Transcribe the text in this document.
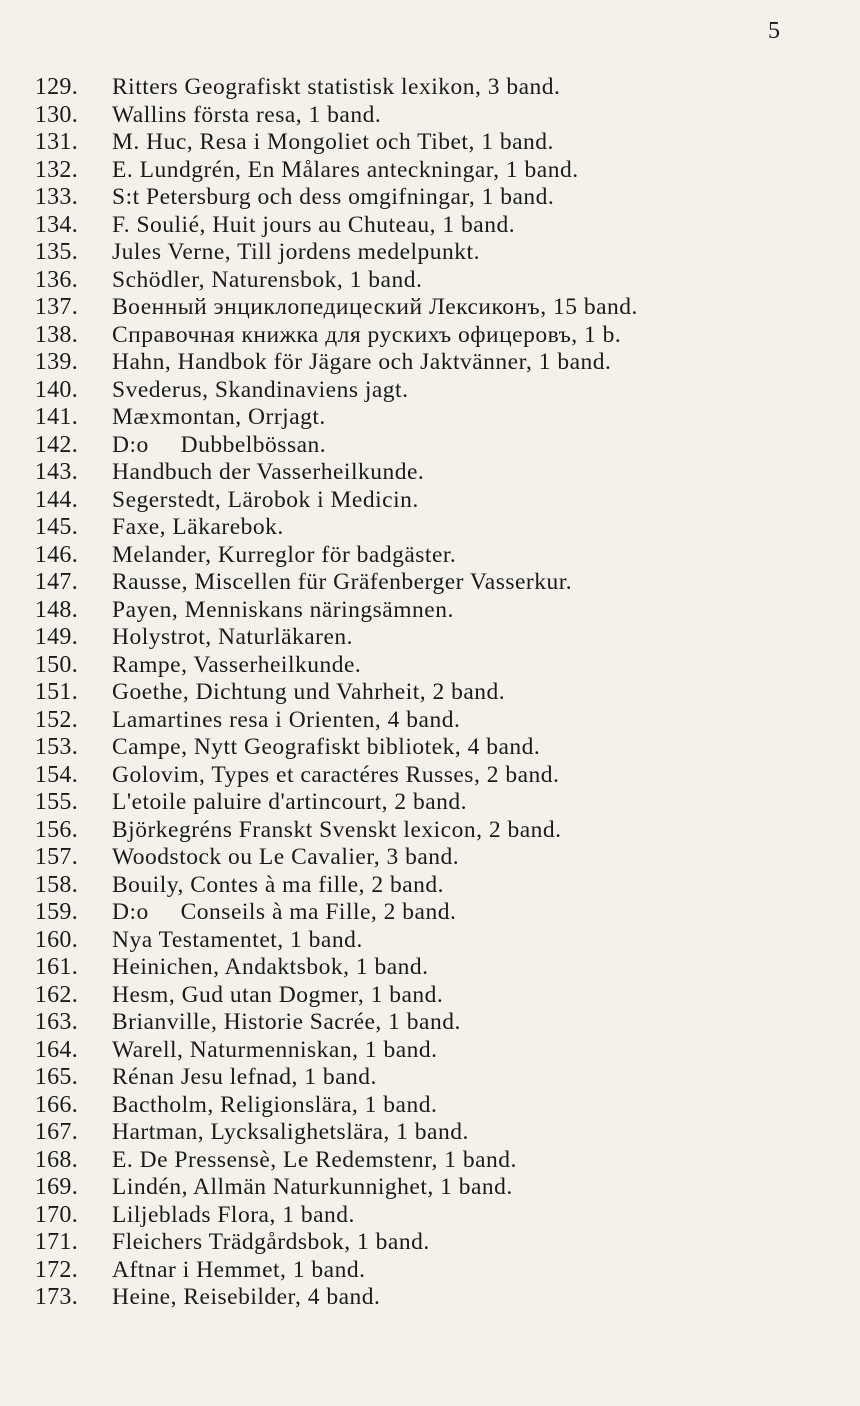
5
129.	Ritters Geografiskt statistisk lexikon, 3 band.
130.	Wallins första resa, 1 band.
131.	M. Huc, Resa i Mongoliet och Tibet, 1 band.
132.	E. Lundgrén, En Målares anteckningar, 1 band.
133.	S:t Petersburg och dess omgifningar, 1 band.
134.	F. Soulié, Huit jours au Chuteau, 1 band.
135.	Jules Verne, Till jordens medelpunkt.
136.	Schödler, Naturensbok, 1 band.
137.	Военный энциклопедицеский Лексиконъ, 15 band.
138.	Справочная книжка для рускихъ офицеровъ, 1 b.
139.	Hahn, Handbok för Jägare och Jaktvänner, 1 band.
140.	Svederus, Skandinaviens jagt.
141.	Mæxmontan, Orrjagt.
142.	D:o     Dubbelbössan.
143.	Handbuch der Vasserheilkunde.
144.	Segerstedt, Lärobok i Medicin.
145.	Faxe, Läkarebok.
146.	Melander, Kurreglor för badgäster.
147.	Rausse, Miscellen für Gräfenberger Vasserkur.
148.	Payen, Menniskans näringsämnen.
149.	Holystrot, Naturläkaren.
150.	Rampe, Vasserheilkunde.
151.	Goethe, Dichtung und Vahrheit, 2 band.
152.	Lamartines resa i Orienten, 4 band.
153.	Campe, Nytt Geografiskt bibliotek, 4 band.
154.	Golovim, Types et caractéres Russes, 2 band.
155.	L'etoile paluire d'artincourt, 2 band.
156.	Björkegréns Franskt Svenskt lexicon, 2 band.
157.	Woodstock ou Le Cavalier, 3 band.
158.	Bouily, Contes à ma fille, 2 band.
159.	D:o     Conseils à ma Fille, 2 band.
160.	Nya Testamentet, 1 band.
161.	Heinichen, Andaktsbok, 1 band.
162.	Hesm, Gud utan Dogmer, 1 band.
163.	Brianville, Historie Sacrée, 1 band.
164.	Warell, Naturmenniskan, 1 band.
165.	Rénan Jesu lefnad, 1 band.
166.	Bactholm, Religionslära, 1 band.
167.	Hartman, Lycksalighetslära, 1 band.
168.	E. De Pressensè, Le Redemstenr, 1 band.
169.	Lindén, Allmän Naturkunnighet, 1 band.
170.	Liljeblads Flora, 1 band.
171.	Fleichers Trädgårdsbok, 1 band.
172.	Aftnar i Hemmet, 1 band.
173.	Heine, Reisebilder, 4 band.
